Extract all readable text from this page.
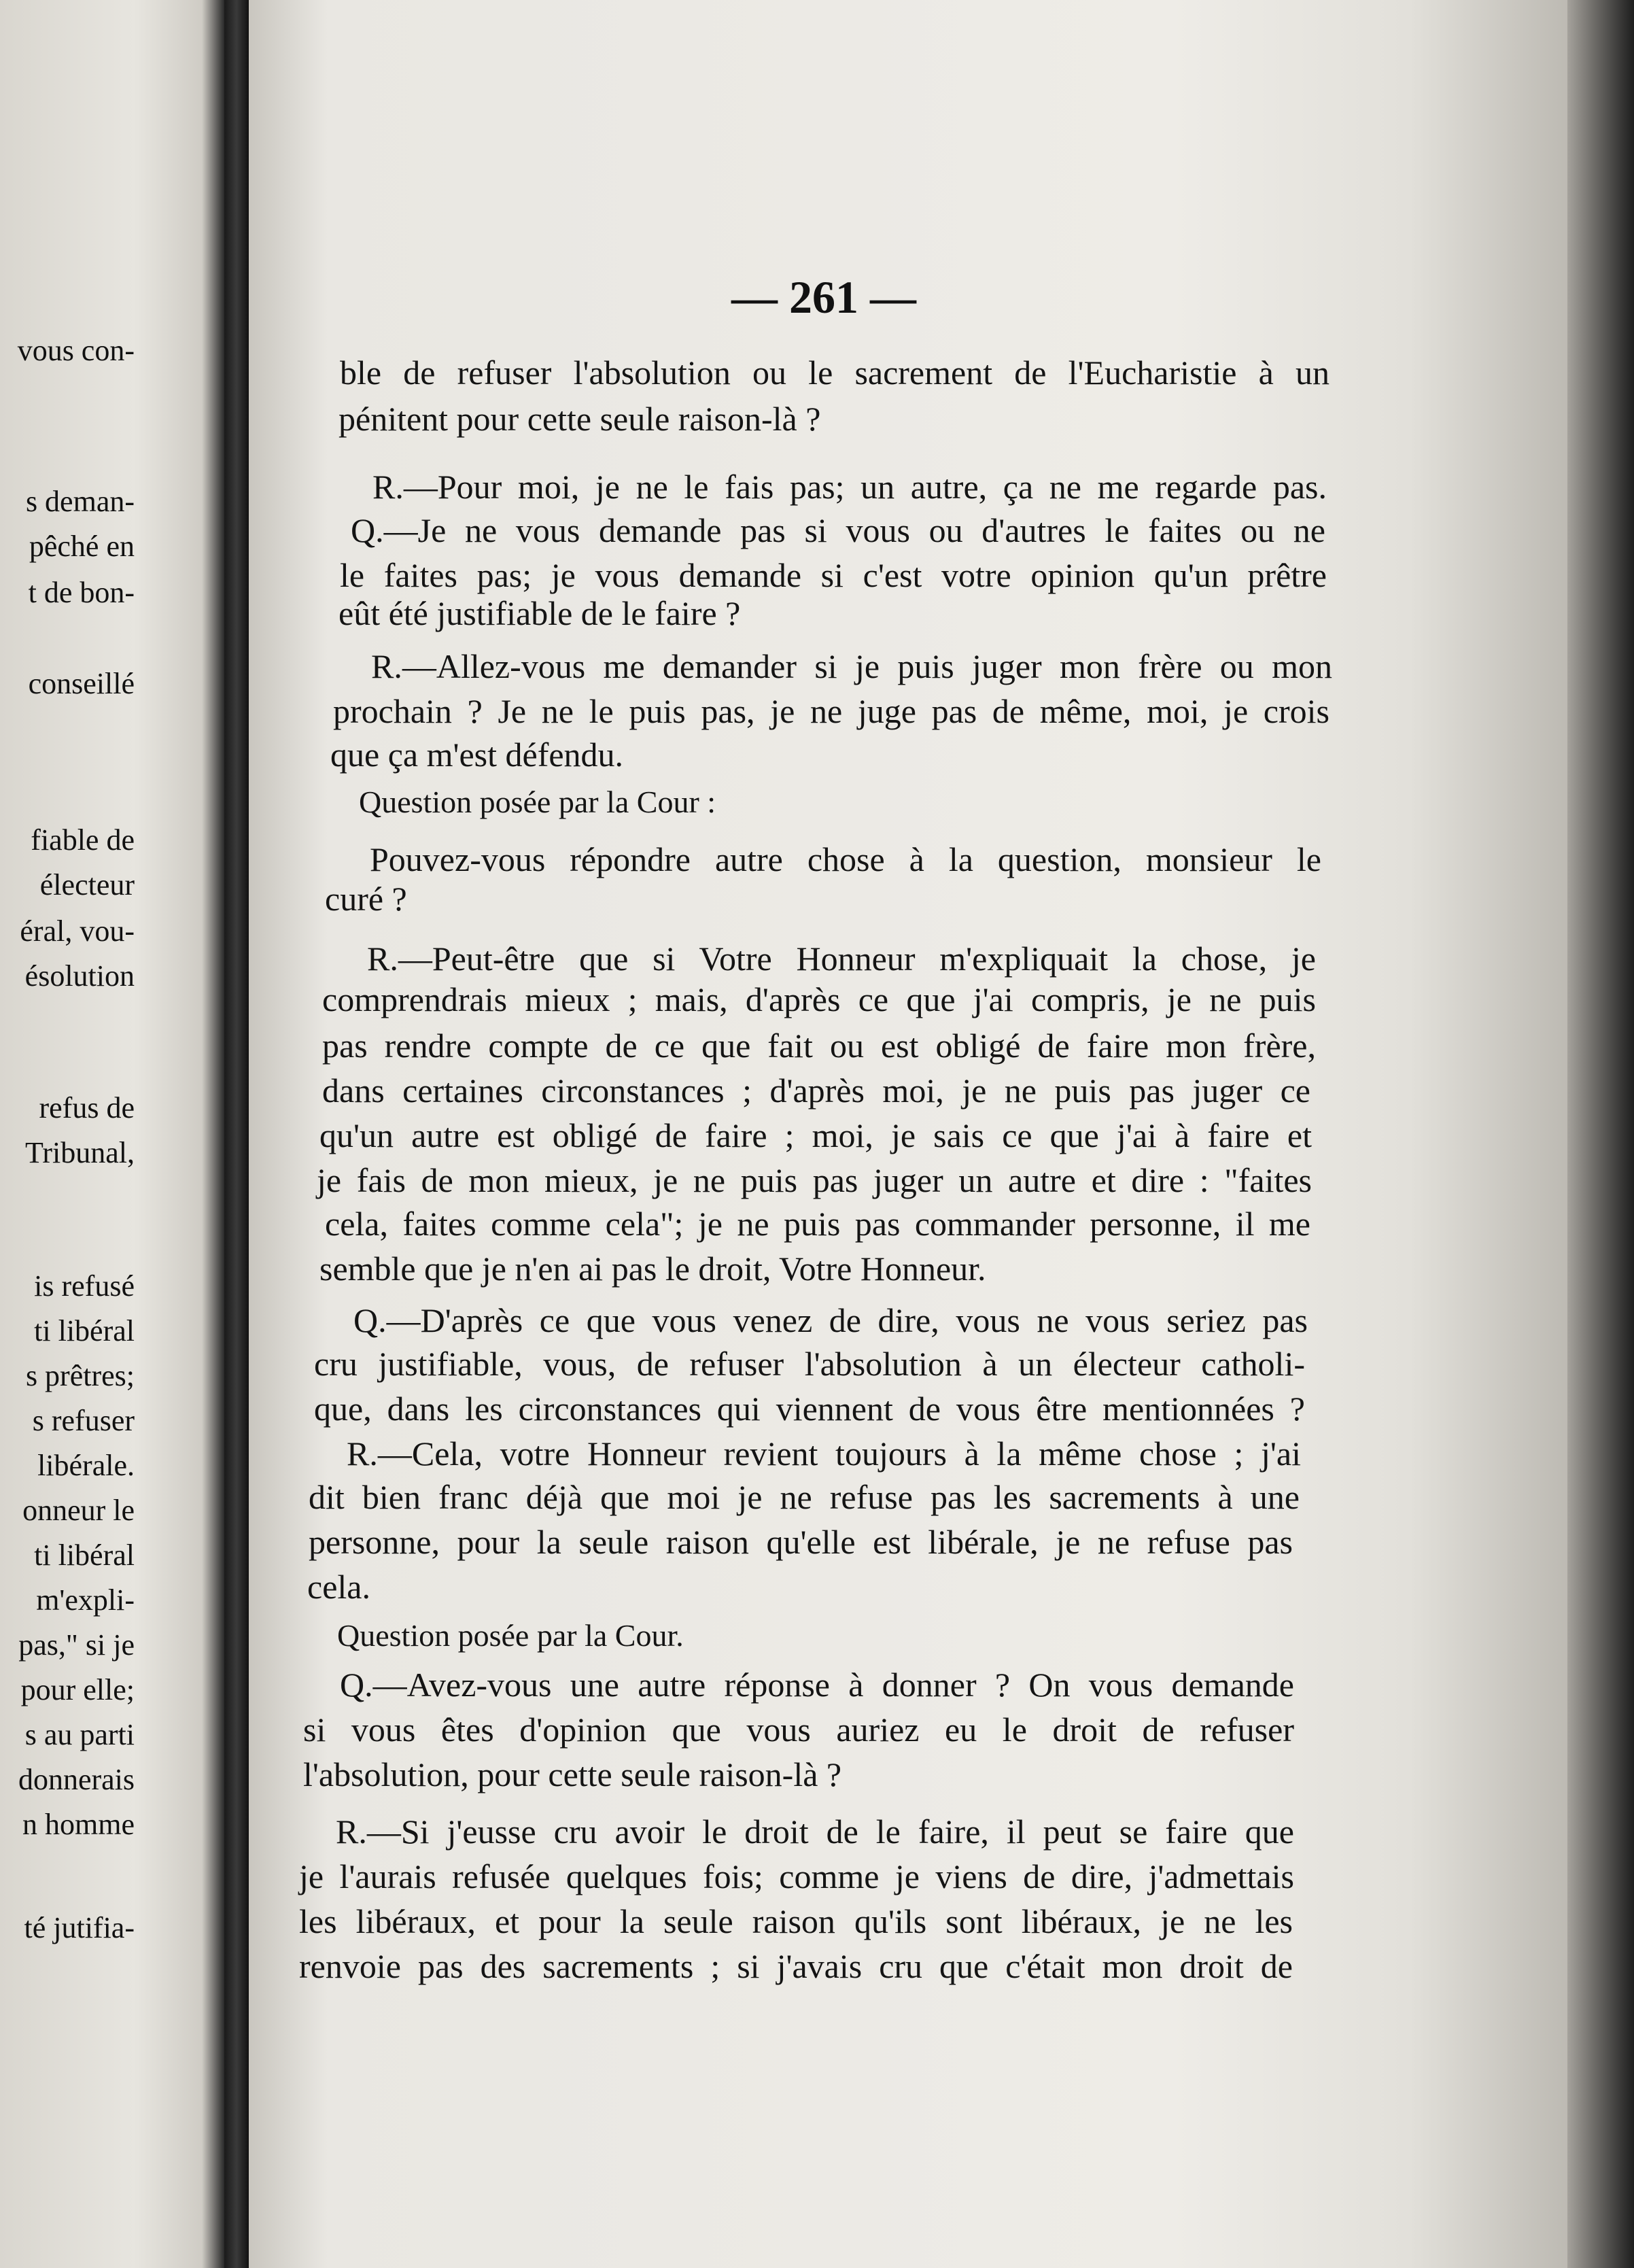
vous con-
s deman-
pêché en
t de bon-
conseillé
fiable de
électeur
éral, vou-
ésolution
refus de
Tribunal,
is refusé
ti libéral
s prêtres;
s refuser
libérale.
onneur le
ti libéral
m'expli-
pas," si je
pour elle;
s au parti
donnerais
n homme
té jutifia-
— 261 —
ble de refuser l'absolution ou le sacrement de l'Eucharistie à un
pénitent pour cette seule raison-là ?
R.—Pour moi, je ne le fais pas; un autre, ça ne me regarde pas.
Q.—Je ne vous demande pas si vous ou d'autres le faites ou ne
le faites pas; je vous demande si c'est votre opinion qu'un prêtre
eût été justifiable de le faire ?
R.—Allez-vous me demander si je puis juger mon frère ou mon
prochain ? Je ne le puis pas, je ne juge pas de même, moi, je crois
que ça m'est défendu.
Question posée par la Cour :
Pouvez-vous répondre autre chose à la question, monsieur le
curé ?
R.—Peut-être que si Votre Honneur m'expliquait la chose, je
comprendrais mieux ; mais, d'après ce que j'ai compris, je ne puis
pas rendre compte de ce que fait ou est obligé de faire mon frère,
dans certaines circonstances ; d'après moi, je ne puis pas juger ce
qu'un autre est obligé de faire ; moi, je sais ce que j'ai à faire et
je fais de mon mieux, je ne puis pas juger un autre et dire : "faites
cela, faites comme cela"; je ne puis pas commander personne, il me
semble que je n'en ai pas le droit, Votre Honneur.
Q.—D'après ce que vous venez de dire, vous ne vous seriez pas
cru justifiable, vous, de refuser l'absolution à un électeur catholi-
que, dans les circonstances qui viennent de vous être mentionnées ?
R.—Cela, votre Honneur revient toujours à la même chose ; j'ai
dit bien franc déjà que moi je ne refuse pas les sacrements à une
personne, pour la seule raison qu'elle est libérale, je ne refuse pas
cela.
Question posée par la Cour.
Q.—Avez-vous une autre réponse à donner ? On vous demande
si vous êtes d'opinion que vous auriez eu le droit de refuser
l'absolution, pour cette seule raison-là ?
R.—Si j'eusse cru avoir le droit de le faire, il peut se faire que
je l'aurais refusée quelques fois; comme je viens de dire, j'admettais
les libéraux, et pour la seule raison qu'ils sont libéraux, je ne les
renvoie pas des sacrements ; si j'avais cru que c'était mon droit de
